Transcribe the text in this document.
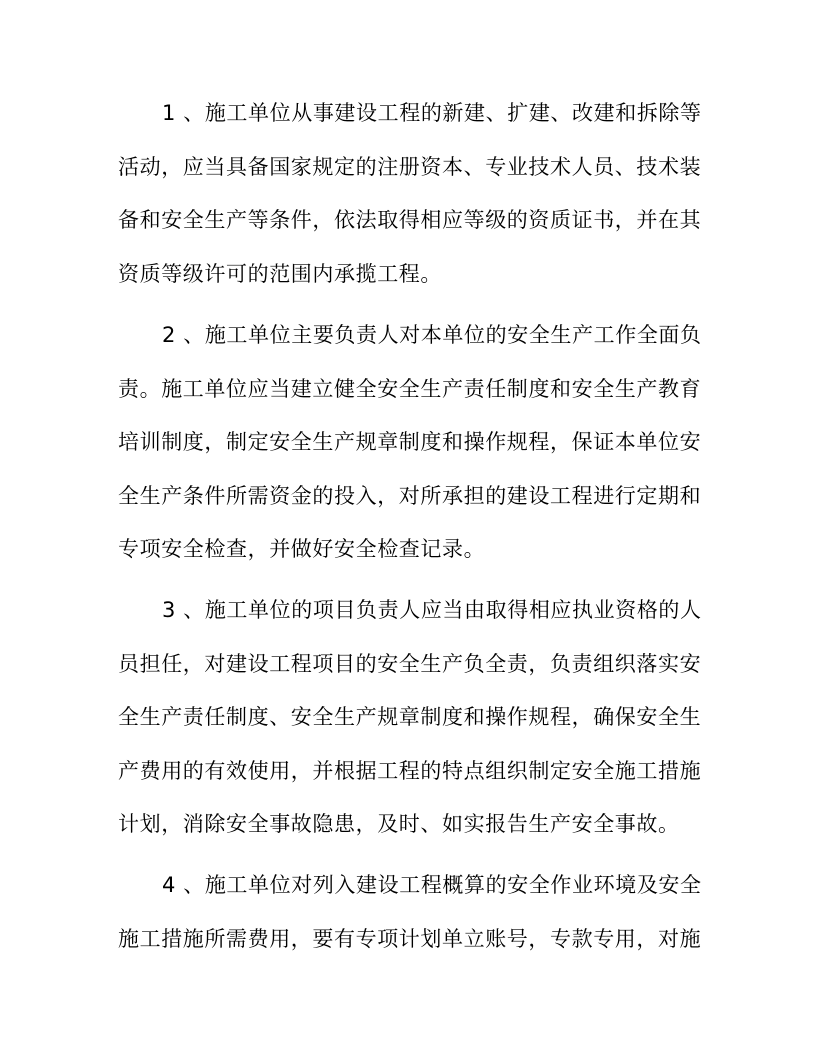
1 、施工单位从事建设工程的新建、扩建、改建和拆除等
活动，应当具备国家规定的注册资本、专业技术人员、技术装
备和安全生产等条件，依法取得相应等级的资质证书，并在其
资质等级许可的范围内承揽工程。
2 、施工单位主要负责人对本单位的安全生产工作全面负
责。施工单位应当建立健全安全生产责任制度和安全生产教育
培训制度，制定安全生产规章制度和操作规程，保证本单位安
全生产条件所需资金的投入，对所承担的建设工程进行定期和
专项安全检查，并做好安全检查记录。
3 、施工单位的项目负责人应当由取得相应执业资格的人
员担任，对建设工程项目的安全生产负全责，负责组织落实安
全生产责任制度、安全生产规章制度和操作规程，确保安全生
产费用的有效使用，并根据工程的特点组织制定安全施工措施
计划，消除安全事故隐患，及时、如实报告生产安全事故。
4 、施工单位对列入建设工程概算的安全作业环境及安全
施工措施所需费用，要有专项计划单立账号，专款专用，对施
